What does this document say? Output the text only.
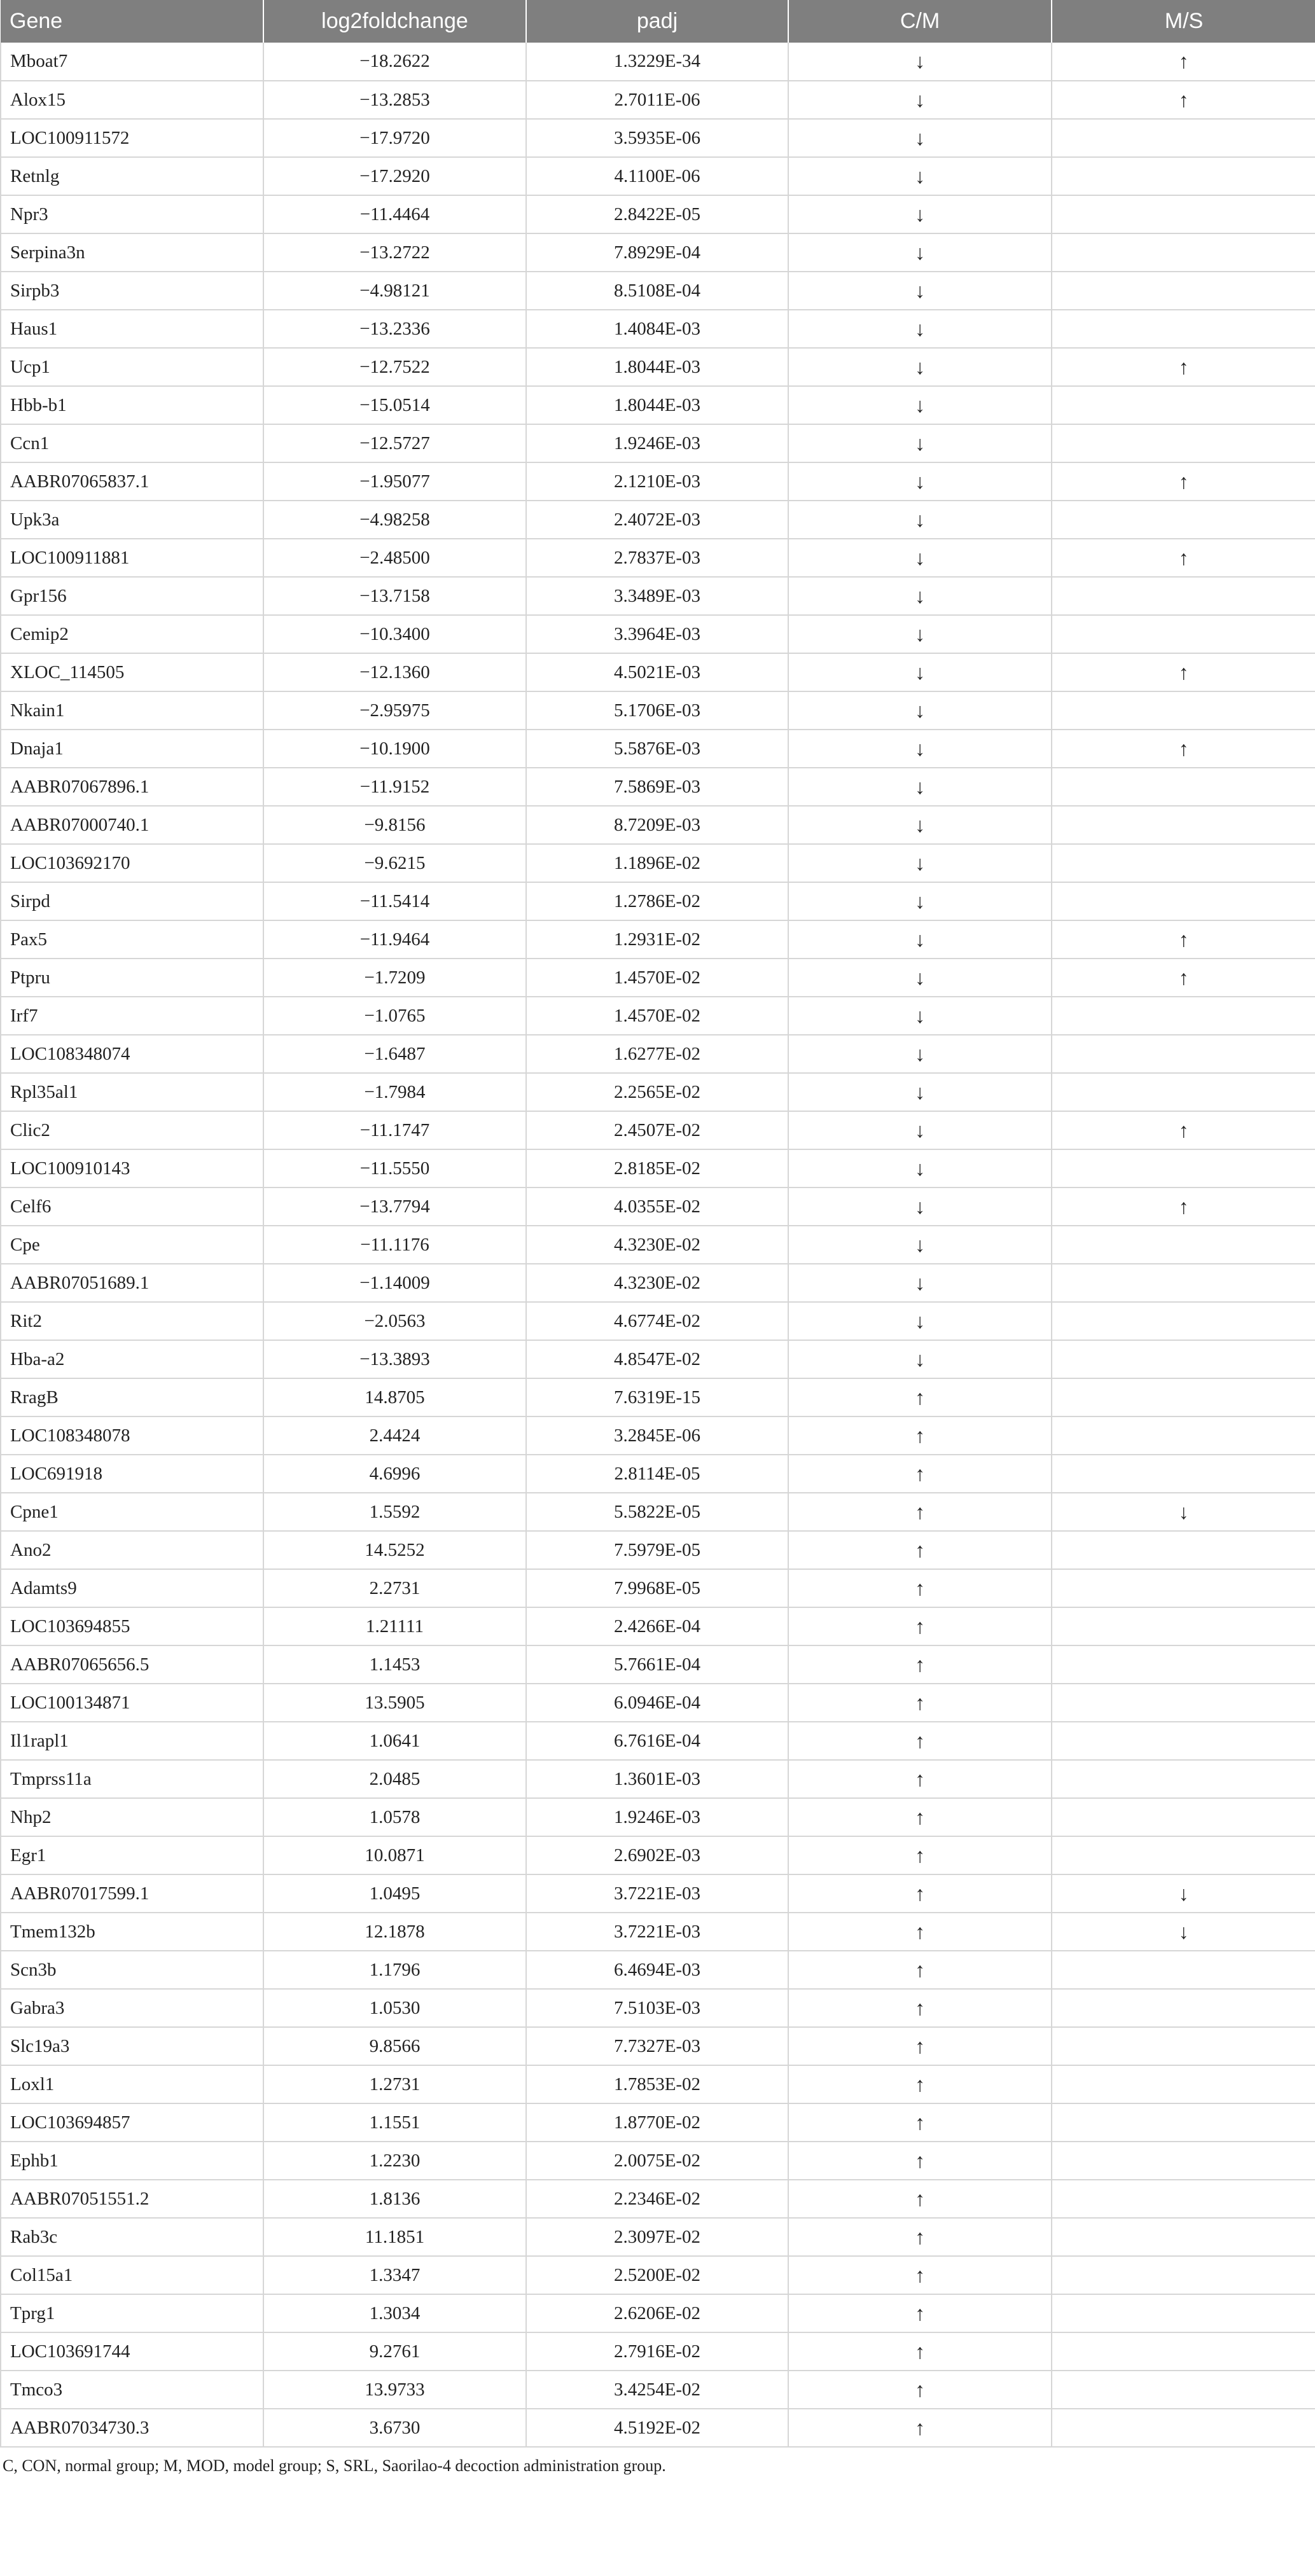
Gene	log2foldchange	padj	C/M	M/S
Mboat7	−18.2622	1.3229E-34	↓	↑
Alox15	−13.2853	2.7011E-06	↓	↑
LOC100911572	−17.9720	3.5935E-06	↓	
Retnlg	−17.2920	4.1100E-06	↓	
Npr3	−11.4464	2.8422E-05	↓	
Serpina3n	−13.2722	7.8929E-04	↓	
Sirpb3	−4.98121	8.5108E-04	↓	
Haus1	−13.2336	1.4084E-03	↓	
Ucp1	−12.7522	1.8044E-03	↓	↑
Hbb-b1	−15.0514	1.8044E-03	↓	
Ccn1	−12.5727	1.9246E-03	↓	
AABR07065837.1	−1.95077	2.1210E-03	↓	↑
Upk3a	−4.98258	2.4072E-03	↓	
LOC100911881	−2.48500	2.7837E-03	↓	↑
Gpr156	−13.7158	3.3489E-03	↓	
Cemip2	−10.3400	3.3964E-03	↓	
XLOC_114505	−12.1360	4.5021E-03	↓	↑
Nkain1	−2.95975	5.1706E-03	↓	
Dnaja1	−10.1900	5.5876E-03	↓	↑
AABR07067896.1	−11.9152	7.5869E-03	↓	
AABR07000740.1	−9.8156	8.7209E-03	↓	
LOC103692170	−9.6215	1.1896E-02	↓	
Sirpd	−11.5414	1.2786E-02	↓	
Pax5	−11.9464	1.2931E-02	↓	↑
Ptpru	−1.7209	1.4570E-02	↓	↑
Irf7	−1.0765	1.4570E-02	↓	
LOC108348074	−1.6487	1.6277E-02	↓	
Rpl35al1	−1.7984	2.2565E-02	↓	
Clic2	−11.1747	2.4507E-02	↓	↑
LOC100910143	−11.5550	2.8185E-02	↓	
Celf6	−13.7794	4.0355E-02	↓	↑
Cpe	−11.1176	4.3230E-02	↓	
AABR07051689.1	−1.14009	4.3230E-02	↓	
Rit2	−2.0563	4.6774E-02	↓	
Hba-a2	−13.3893	4.8547E-02	↓	
RragB	14.8705	7.6319E-15	↑	
LOC108348078	2.4424	3.2845E-06	↑	
LOC691918	4.6996	2.8114E-05	↑	
Cpne1	1.5592	5.5822E-05	↑	↓
Ano2	14.5252	7.5979E-05	↑	
Adamts9	2.2731	7.9968E-05	↑	
LOC103694855	1.21111	2.4266E-04	↑	
AABR07065656.5	1.1453	5.7661E-04	↑	
LOC100134871	13.5905	6.0946E-04	↑	
Il1rapl1	1.0641	6.7616E-04	↑	
Tmprss11a	2.0485	1.3601E-03	↑	
Nhp2	1.0578	1.9246E-03	↑	
Egr1	10.0871	2.6902E-03	↑	
AABR07017599.1	1.0495	3.7221E-03	↑	↓
Tmem132b	12.1878	3.7221E-03	↑	↓
Scn3b	1.1796	6.4694E-03	↑	
Gabra3	1.0530	7.5103E-03	↑	
Slc19a3	9.8566	7.7327E-03	↑	
Loxl1	1.2731	1.7853E-02	↑	
LOC103694857	1.1551	1.8770E-02	↑	
Ephb1	1.2230	2.0075E-02	↑	
AABR07051551.2	1.8136	2.2346E-02	↑	
Rab3c	11.1851	2.3097E-02	↑	
Col15a1	1.3347	2.5200E-02	↑	
Tprg1	1.3034	2.6206E-02	↑	
LOC103691744	9.2761	2.7916E-02	↑	
Tmco3	13.9733	3.4254E-02	↑	
AABR07034730.3	3.6730	4.5192E-02	↑	
C, CON, normal group; M, MOD, model group; S, SRL, Saorilao-4 decoction administration group.
